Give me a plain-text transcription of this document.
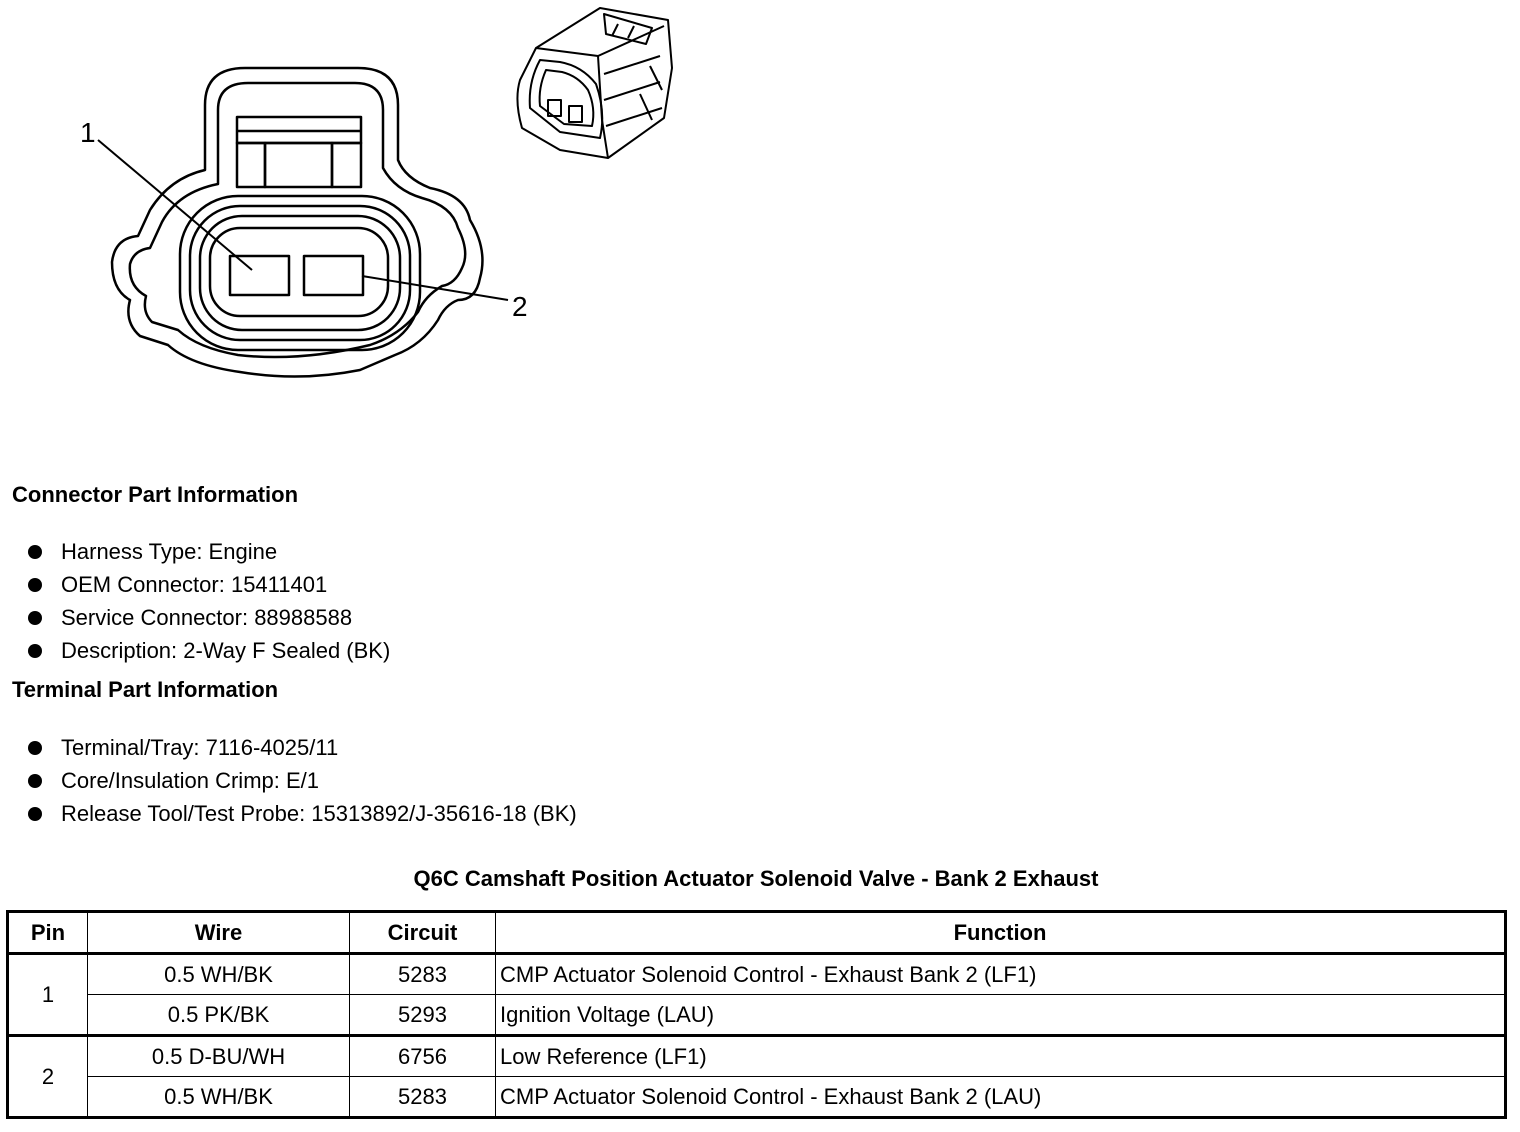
1
2
Connector Part Information
Harness Type: Engine
OEM Connector: 15411401
Service Connector: 88988588
Description: 2-Way F Sealed (BK)
Terminal Part Information
Terminal/Tray: 7116-4025/11
Core/Insulation Crimp: E/1
Release Tool/Test Probe: 15313892/J-35616-18 (BK)
Q6C Camshaft Position Actuator Solenoid Valve - Bank 2 Exhaust
Pin	Wire	Circuit	Function
1	0.5 WH/BK	5283	CMP Actuator Solenoid Control - Exhaust Bank 2 (LF1)
	0.5 PK/BK	5293	Ignition Voltage (LAU)
2	0.5 D-BU/WH	6756	Low Reference (LF1)
	0.5 WH/BK	5283	CMP Actuator Solenoid Control - Exhaust Bank 2 (LAU)
